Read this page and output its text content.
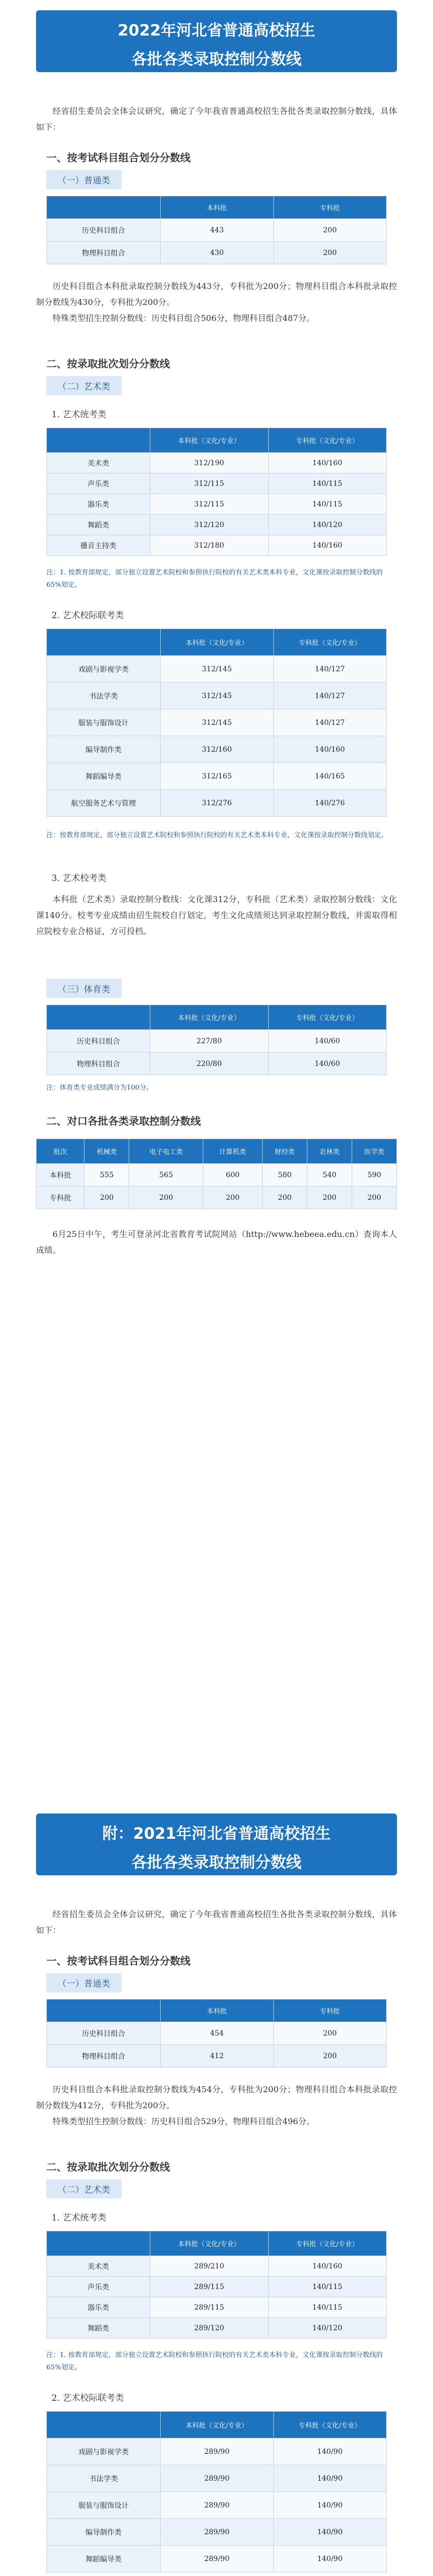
2022年河北省普通高校招生
各批各类录取控制分数线

经省招生委员会全体会议研究，确定了今年我省普通高校招生各批各类录取控制分数线，具体如下：

一、按考试科目组合划分分数线
（一）普通类
	本科批	专科批
历史科目组合	443	200
物理科目组合	430	200

历史科目组合本科批录取控制分数线为443分，专科批为200分；物理科目组合本科批录取控制分数线为430分，专科批为200分。

特殊类型招生控制分数线：历史科目组合506分，物理科目组合487分。

二、按录取批次划分分数线
（二）艺术类
1. 艺术统考类
	本科批（文化/专业）	专科批（文化/专业）
美术类	312/190	140/160
声乐类	312/115	140/115
器乐类	312/115	140/115
舞蹈类	312/120	140/120
播音主持类	312/180	140/160
注：1. 按教育部规定，部分独立设置艺术院校和参照执行院校的有关艺术类本科专业，文化课按录取控制分数线的65%划定。
2. 艺术校际联考类
	本科批（文化/专业）	专科批（文化/专业）
戏剧与影视学类	312/145	140/127
书法学类	312/145	140/127
服装与服饰设计	312/145	140/127
编导制作类	312/160	140/160
舞蹈编导类	312/165	140/165
航空服务艺术与管理	312/276	140/276
注：按教育部规定，部分独立设置艺术院校和参照执行院校的有关艺术类本科专业，文化课按录取控制分数线划定。
3. 艺术校考类

本科批（艺术类）录取控制分数线：文化课312分，专科批（艺术类）录取控制分数线：文化课140分。校考专业成绩由招生院校自行划定，考生文化成绩须达到录取控制分数线，并需取得相应院校专业合格证，方可投档。

（三）体育类
	本科批（文化/专业）	专科批（文化/专业）
历史科目组合	227/80	140/60
物理科目组合	220/80	140/60
注：体育类专业成绩满分为100分。
二、对口各批各类录取控制分数线
批次	机械类	电子电工类	计算机类	财经类	农林类	医学类
本科批	555	565	600	580	540	590
专科批	200	200	200	200	200	200

6月25日中午，考生可登录河北省教育考试院网站（http://www.hebeea.edu.cn）查询本人成绩。

附：2021年河北省普通高校招生
各批各类录取控制分数线

经省招生委员会全体会议研究，确定了今年我省普通高校招生各批各类录取控制分数线，具体如下：

一、按考试科目组合划分分数线
（一）普通类
	本科批	专科批
历史科目组合	454	200
物理科目组合	412	200

历史科目组合本科批录取控制分数线为454分，专科批为200分；物理科目组合本科批录取控制分数线为412分，专科批为200分。

特殊类型招生控制分数线：历史科目组合529分，物理科目组合496分。

二、按录取批次划分分数线
（二）艺术类
1. 艺术统考类
	本科批（文化/专业）	专科批（文化/专业）
美术类	289/210	140/160
声乐类	289/115	140/115
器乐类	289/115	140/115
舞蹈类	289/120	140/120
注：1. 按教育部规定，部分独立设置艺术院校和参照执行院校的有关艺术类本科专业，文化课按录取控制分数线的65%划定。
2. 艺术校际联考类
	本科批（文化/专业）	专科批（文化/专业）
戏剧与影视学类	289/90	140/90
书法学类	289/90	140/90
服装与服饰设计	289/90	140/90
编导制作类	289/90	140/90
舞蹈编导类	289/90	140/90
